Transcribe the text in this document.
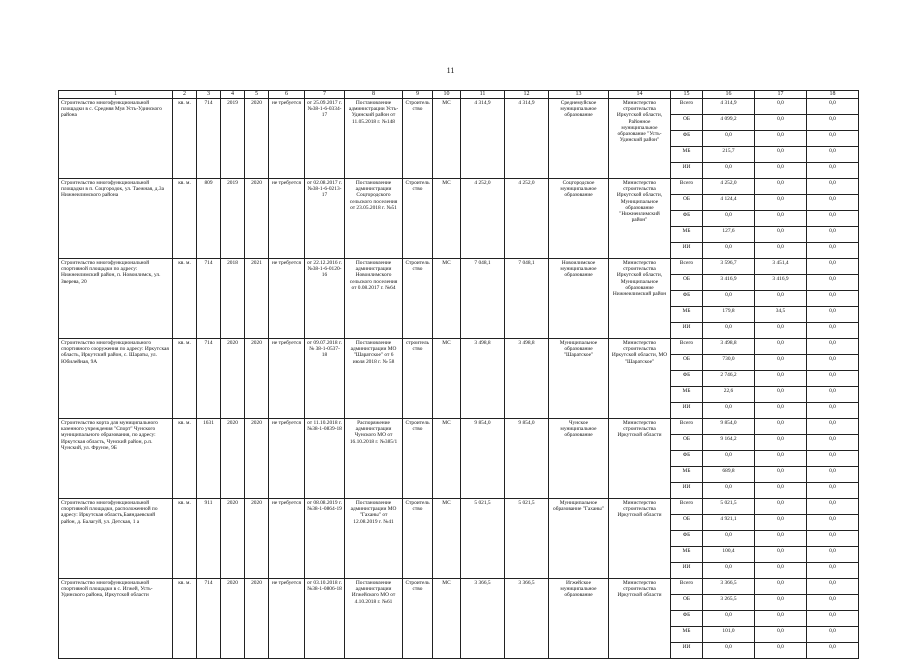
11
1	2	3	4	5	6	7	8	9	10	11	12	13	14	15	16	17	18
Строительство многофункциональной площадки в с. Средняя Муя Усть-Удинского района	кв. м.	714	2019	2020	не требуется	от 25.09.2017 г. №38-1-6-0334-17	Постановление администрации Усть-Удинский район от 11.05.2018 г. №148	Строительство	МС	4 314,9	4 314,9	Среднемуйское муниципальное образование	Министерство строительства Иркутской области, Районное муниципальное образование "Усть-Удинский район"	Всего	4 314,9	0,0	0,0
														ОБ	4 099,2	0,0	0,0
														ФБ	0,0	0,0	0,0
														МБ	215,7	0,0	0,0
														ИИ	0,0	0,0	0,0
Строительство многофункциональной площадки в п. Соцгородок, ул. Таежная, д.3а Нижнеилимского района	кв. м.	809	2019	2020	не требуется	от 02.08.2017 г. №38-1-6-0213-17	Постановление администрации Соцгородского сельского поселения от 23.05.2018 г. №51	Строительство	МС	4 252,0	4 252,0	Соцгородское муниципальное образование	Министерство строительства Иркутской области, Муниципальное образование "Нижнеилимский район"	Всего	4 252,0	0,0	0,0
														ОБ	4 124,4	0,0	0,0
														ФБ	0,0	0,0	0,0
														МБ	127,6	0,0	0,0
														ИИ	0,0	0,0	0,0
Строительство многофункциональной спортивной площадки по адресу: Нижнеилимский район, п. Новоилимск, ул. Зверева, 20	кв. м.	714	2018	2021	не требуется	от 22.12.2016 г. №38-1-6-0120-16	Постановление администрации Новоилимского сельского поселения от 0.08.2017 г. №64	Строительство	МС	7 048,1	7 048,1	Новоилимское муниципальное образование	Министерство строительства Иркутской области, Муниципальное образование Нижнеилимский район	Всего	3 596,7	3 451,4	0,0
														ОБ	3 416,9	3 416,9	0,0
														ФБ	0,0	0,0	0,0
														МБ	179,8	34,5	0,0
														ИИ	0,0	0,0	0,0
Строительство многофункционального спортивного сооружения по адресу: Иркутская область, Иркутский район, с. Шараты, ул. Юбилейная, 9А	кв. м.	714	2020	2020	не требуется	от 09.07.2018 г. № 38-1-0537-18	Постановление администрации МО "Шаратское" от 6 июля 2018 г. № 58	строительство	МС	3 498,8	3 498,8	Муниципальное образование "Шаратское"	Министерство строительства Иркутской области, МО "Шаратское"	Всего	3 498,8	0,0	0,0
														ОБ	730,0	0,0	0,0
														ФБ	2 746,2	0,0	0,0
														МБ	22,6	0,0	0,0
														ИИ	0,0	0,0	0,0
Строительство корта для муниципального казенного учреждения "Спорт" Чунского муниципального образования, по адресу: Иркутская область, Чунский район, р.п. Чунский, ул. Фрунзе, 9Б	кв. м.	1631	2020	2020	не требуется	от 11.10.2018 г. №38-1-0839-18	Распоряжение администрации Чунского МО от 16.10.2018 г. №385/1	Строительство	МС	9 854,0	9 854,0	Чунское муниципальное образование	Министерство строительства Иркутской области	Всего	9 854,0	0,0	0,0
														ОБ	9 164,2	0,0	0,0
														ФБ	0,0	0,0	0,0
														МБ	689,8	0,0	0,0
														ИИ	0,0	0,0	0,0
Строительство многофункциональной спортивной площадки, расположенной по адресу: Иркутская область,Баяндаевский район, д. Балагуй, ул. Детская, 1 а	кв. м.	911	2020	2020	не требуется	от 08.08.2019 г. №38-1-0864-19	Постановление администрации МО "Гаханы" от 12.08.2019 г. №41	Строительство	МС	5 021,5	5 021,5	Муниципальное образование "Гаханы"	Министерство строительства Иркутской области	Всего	5 021,5	0,0	0,0
														ОБ	4 921,1	0,0	0,0
														ФБ	0,0	0,0	0,0
														МБ	100,4	0,0	0,0
														ИИ	0,0	0,0	0,0
Строительство многофункциональной спортивной площадки в с. Игжей, Усть-Удинского района, Иркутской области	кв. м.	714	2020	2020	не требуется	от 03.10.2018 г. №38-1-0806-18	Постановление администрации Игжейского МО от 4.10.2018 г. №61	Строительство	МС	3 366,5	3 366,5	Игжейское муниципальное образование	Министерство строительства Иркутской области	Всего	3 366,5	0,0	0,0
														ОБ	3 265,5	0,0	0,0
														ФБ	0,0	0,0	0,0
														МБ	101,0	0,0	0,0
														ИИ	0,0	0,0	0,0
